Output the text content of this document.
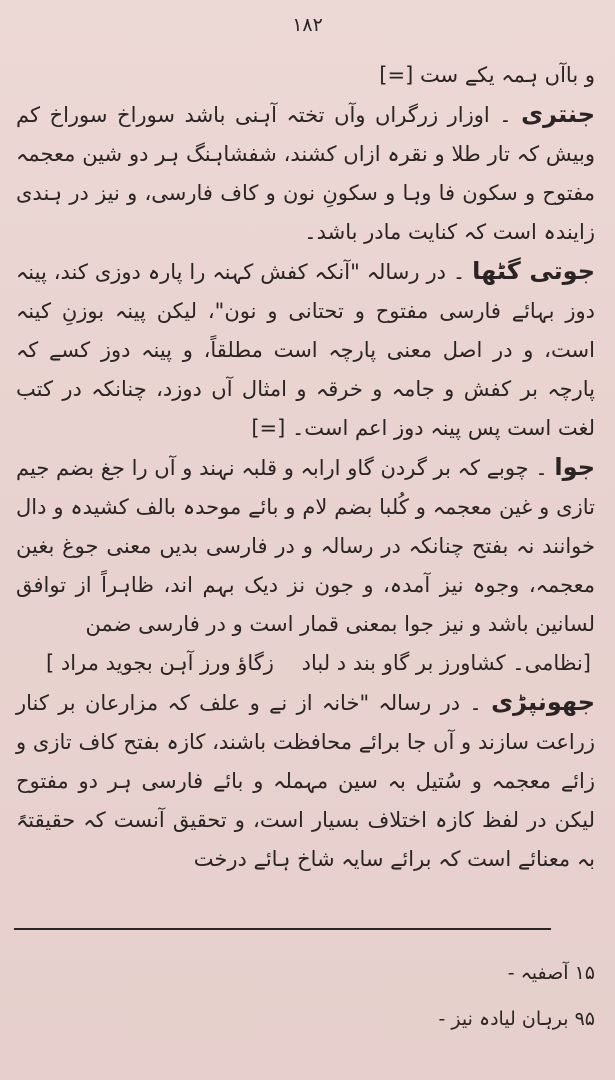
۱۸۲

و باآں ہمہ یکے ست [=]

جنتری ۔ اوزار زرگراں وآں تختہ آہنی باشد سوراخ سوراخ کم وبیش کہ تار طلا و نقرہ ازاں کشند، شفشاہنگ ہر دو شین معجمہ مفتوح و سکون فا وہا و سکونِ نون و کاف فارسی، و نیز در ہندی زایندہ است کہ کنایت مادر باشد۔

جوتی گٹھا ۔ در رسالہ "آنکہ کفش کہنہ را پارہ دوزی کند، پینہ دوز بہائے فارسی مفتوح و تحتانی و نون"، لیکن پینہ بوزنِ کینہ است، و در اصل معنی پارچہ است مطلقاً، و پینہ دوز کسے کہ پارچہ بر کفش و جامہ و خرقہ و امثال آں دوزد، چنانکہ در کتب لغت است پس پینہ دوز اعم است۔ [=]

جوا ۔ چوبے کہ بر گردن گاو ارابہ و قلبہ نہند و آں را جغ بضم جیم تازی و غین معجمہ و کُلبا بضم لام و بائے موحدہ بالف کشیدہ و دال خوانند نہ بفتح چنانکہ در رسالہ و در فارسی بدیں معنی جوغ بغین معجمہ، وجوہ نیز آمدہ، و جون نز دیک بہم اند، ظاہراً از توافق لسانین باشد و نیز جوا بمعنی قمار است و در فارسی ضمن

[نظامی۔ کشاورز بر گاو بند د لباد
زگاؤ ورز آہن بجوید مراد ]

جھونپڑی ۔ در رسالہ "خانہ از نے و علف کہ مزارعان بر کنار زراعت سازند و آں جا برائے محافظت باشند، کازہ بفتح کاف تازی و زائے معجمہ و سُتیل بہ سین مہملہ و بائے فارسی ہر دو مفتوح لیکن در لفظ کازہ اختلاف بسیار است، و تحقیق آنست کہ حقیقتہً بہ معنائے است کہ برائے سایہ شاخ ہائے درخت

۱۵ آصفیہ -

۹۵ برہان لیادہ نیز -
